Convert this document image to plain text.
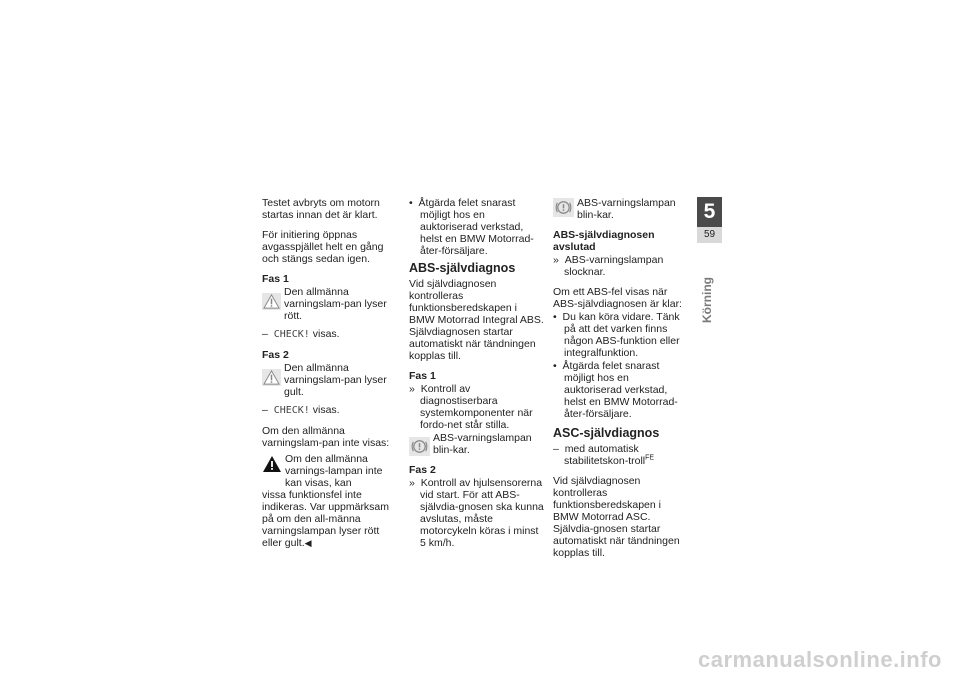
Testet avbryts om motorn startas innan det är klart.

För initiering öppnas avgasspjället helt en gång och stängs sedan igen.

Fas 1
Den allmänna varningslam-pan lyser rött.

– CHECK! visas.

Fas 2
Den allmänna varningslam-pan lyser gult.

– CHECK! visas.

Om den allmänna varningslam-pan inte visas:

Om den allmänna varnings-lampan inte kan visas, kan
vissa funktionsfel inte indikeras. Var uppmärksam på om den all-männa varningslampan lyser rött eller gult.◀

• Åtgärda felet snarast möjligt hos en auktoriserad verkstad, helst en BMW Motorrad-åter-försäljare.

ABS-självdiagnos

Vid självdiagnosen kontrolleras funktionsberedskapen i BMW Motorrad Integral ABS. Självdiagnosen startar automatiskt när tändningen kopplas till.

Fas 1

» Kontroll av diagnostiserbara systemkomponenter när fordo-net står stilla.

ABS-varningslampan blin-kar.
Fas 2

» Kontroll av hjulsensorerna vid start. För att ABS-självdia-gnosen ska kunna avslutas, måste motorcykeln köras i minst 5 km/h.

ABS-varningslampan blin-kar.
ABS-självdiagnosen avslutad

» ABS-varningslampan slocknar.

Om ett ABS-fel visas när ABS-självdiagnosen är klar:

• Du kan köra vidare. Tänk på att det varken finns någon ABS-funktion eller integralfunktion.

• Åtgärda felet snarast möjligt hos en auktoriserad verkstad, helst en BMW Motorrad-åter-försäljare.

ASC-självdiagnos

– med automatisk stabilitetskon-troll$^{FE}$

Vid självdiagnosen kontrolleras funktionsberedskapen i BMW Motorrad ASC. Självdia-gnosen startar automatiskt när tändningen kopplas till.

5
59
Körning
carmanualsonline.info
